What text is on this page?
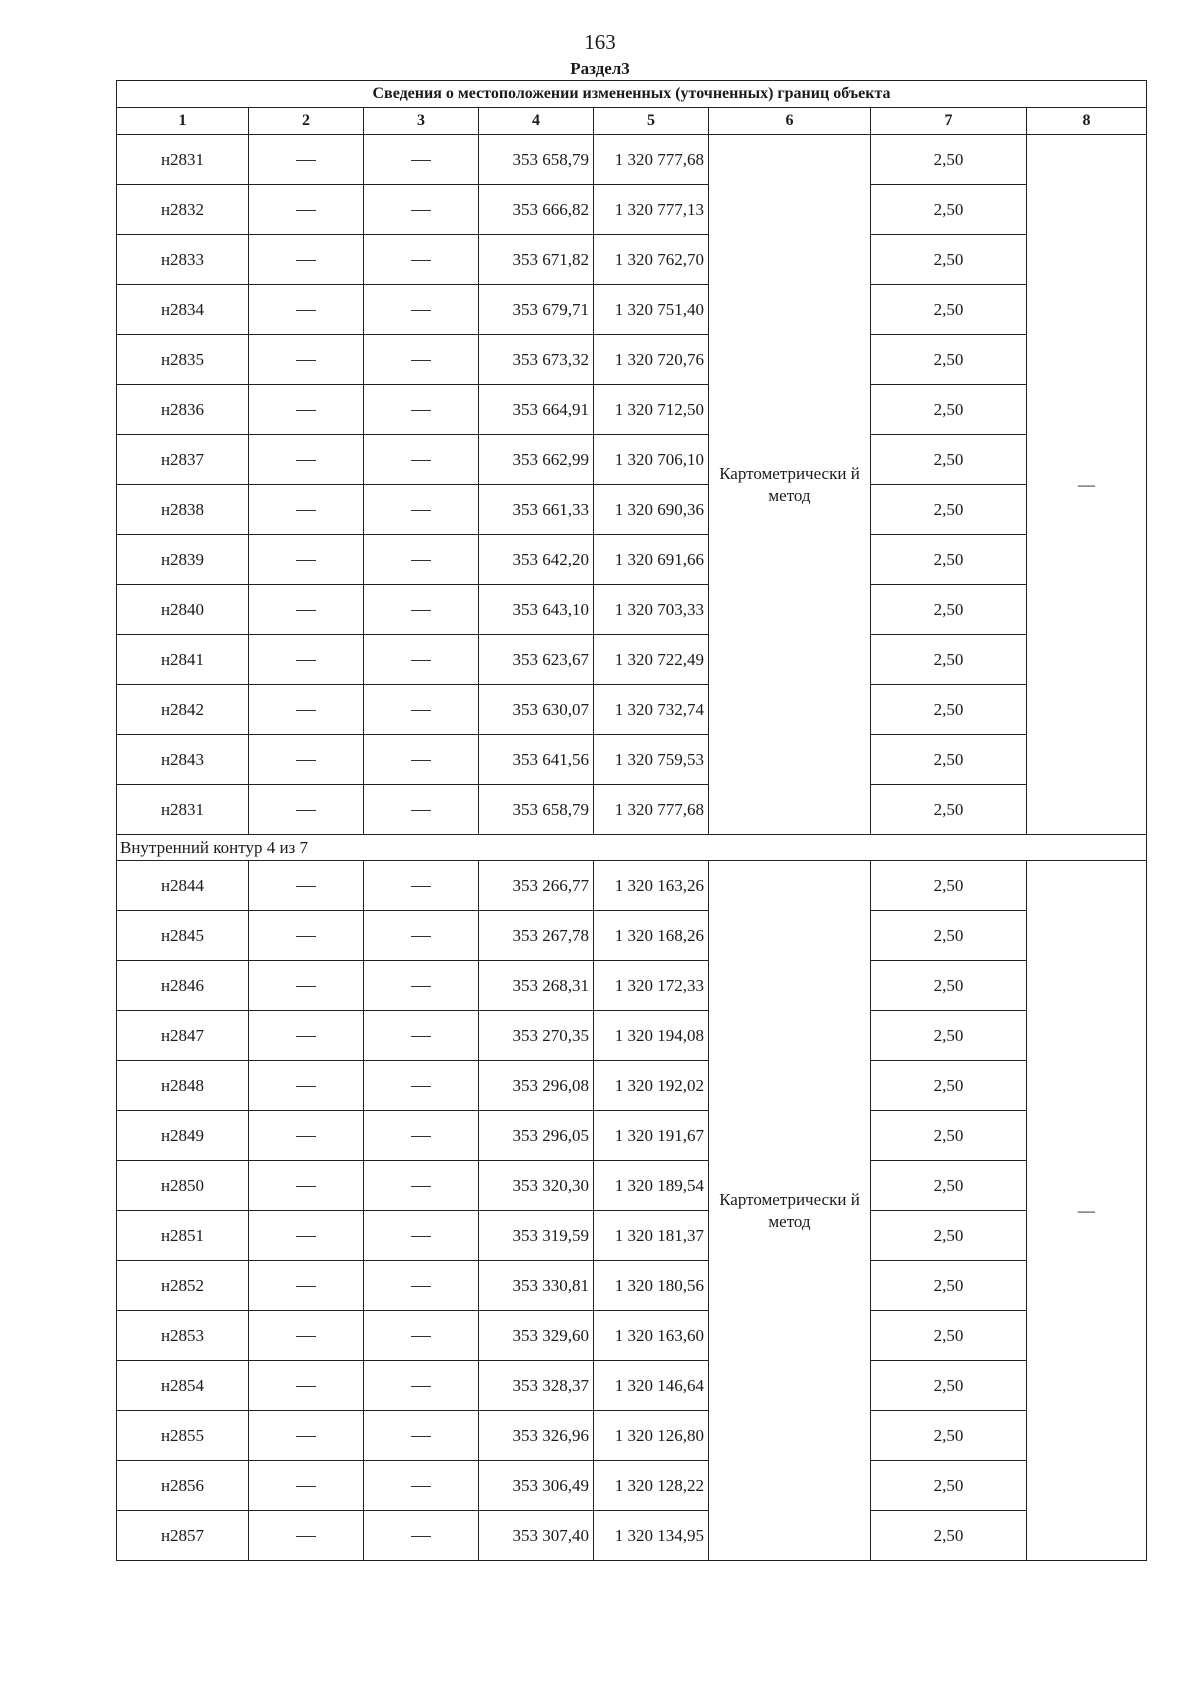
163
Раздел3
Сведения о местоположении измененных (уточненных) границ объекта							
1	2	3	4	5	6	7	8
н2831			353 658,79	1 320 777,68	Картометрически й метод	2,50	—
н2832			353 666,82	1 320 777,13		2,50	
н2833			353 671,82	1 320 762,70		2,50	
н2834			353 679,71	1 320 751,40		2,50	
н2835			353 673,32	1 320 720,76		2,50	
н2836			353 664,91	1 320 712,50		2,50	
н2837			353 662,99	1 320 706,10		2,50	
н2838			353 661,33	1 320 690,36		2,50	
н2839			353 642,20	1 320 691,66		2,50	
н2840			353 643,10	1 320 703,33		2,50	
н2841			353 623,67	1 320 722,49		2,50	
н2842			353 630,07	1 320 732,74		2,50	
н2843			353 641,56	1 320 759,53		2,50	
н2831			353 658,79	1 320 777,68		2,50	
Внутренний контур 4 из 7							
н2844			353 266,77	1 320 163,26	Картометрически й метод	2,50	—
н2845			353 267,78	1 320 168,26		2,50	
н2846			353 268,31	1 320 172,33		2,50	
н2847			353 270,35	1 320 194,08		2,50	
н2848			353 296,08	1 320 192,02		2,50	
н2849			353 296,05	1 320 191,67		2,50	
н2850			353 320,30	1 320 189,54		2,50	
н2851			353 319,59	1 320 181,37		2,50	
н2852			353 330,81	1 320 180,56		2,50	
н2853			353 329,60	1 320 163,60		2,50	
н2854			353 328,37	1 320 146,64		2,50	
н2855			353 326,96	1 320 126,80		2,50	
н2856			353 306,49	1 320 128,22		2,50	
н2857			353 307,40	1 320 134,95		2,50	
